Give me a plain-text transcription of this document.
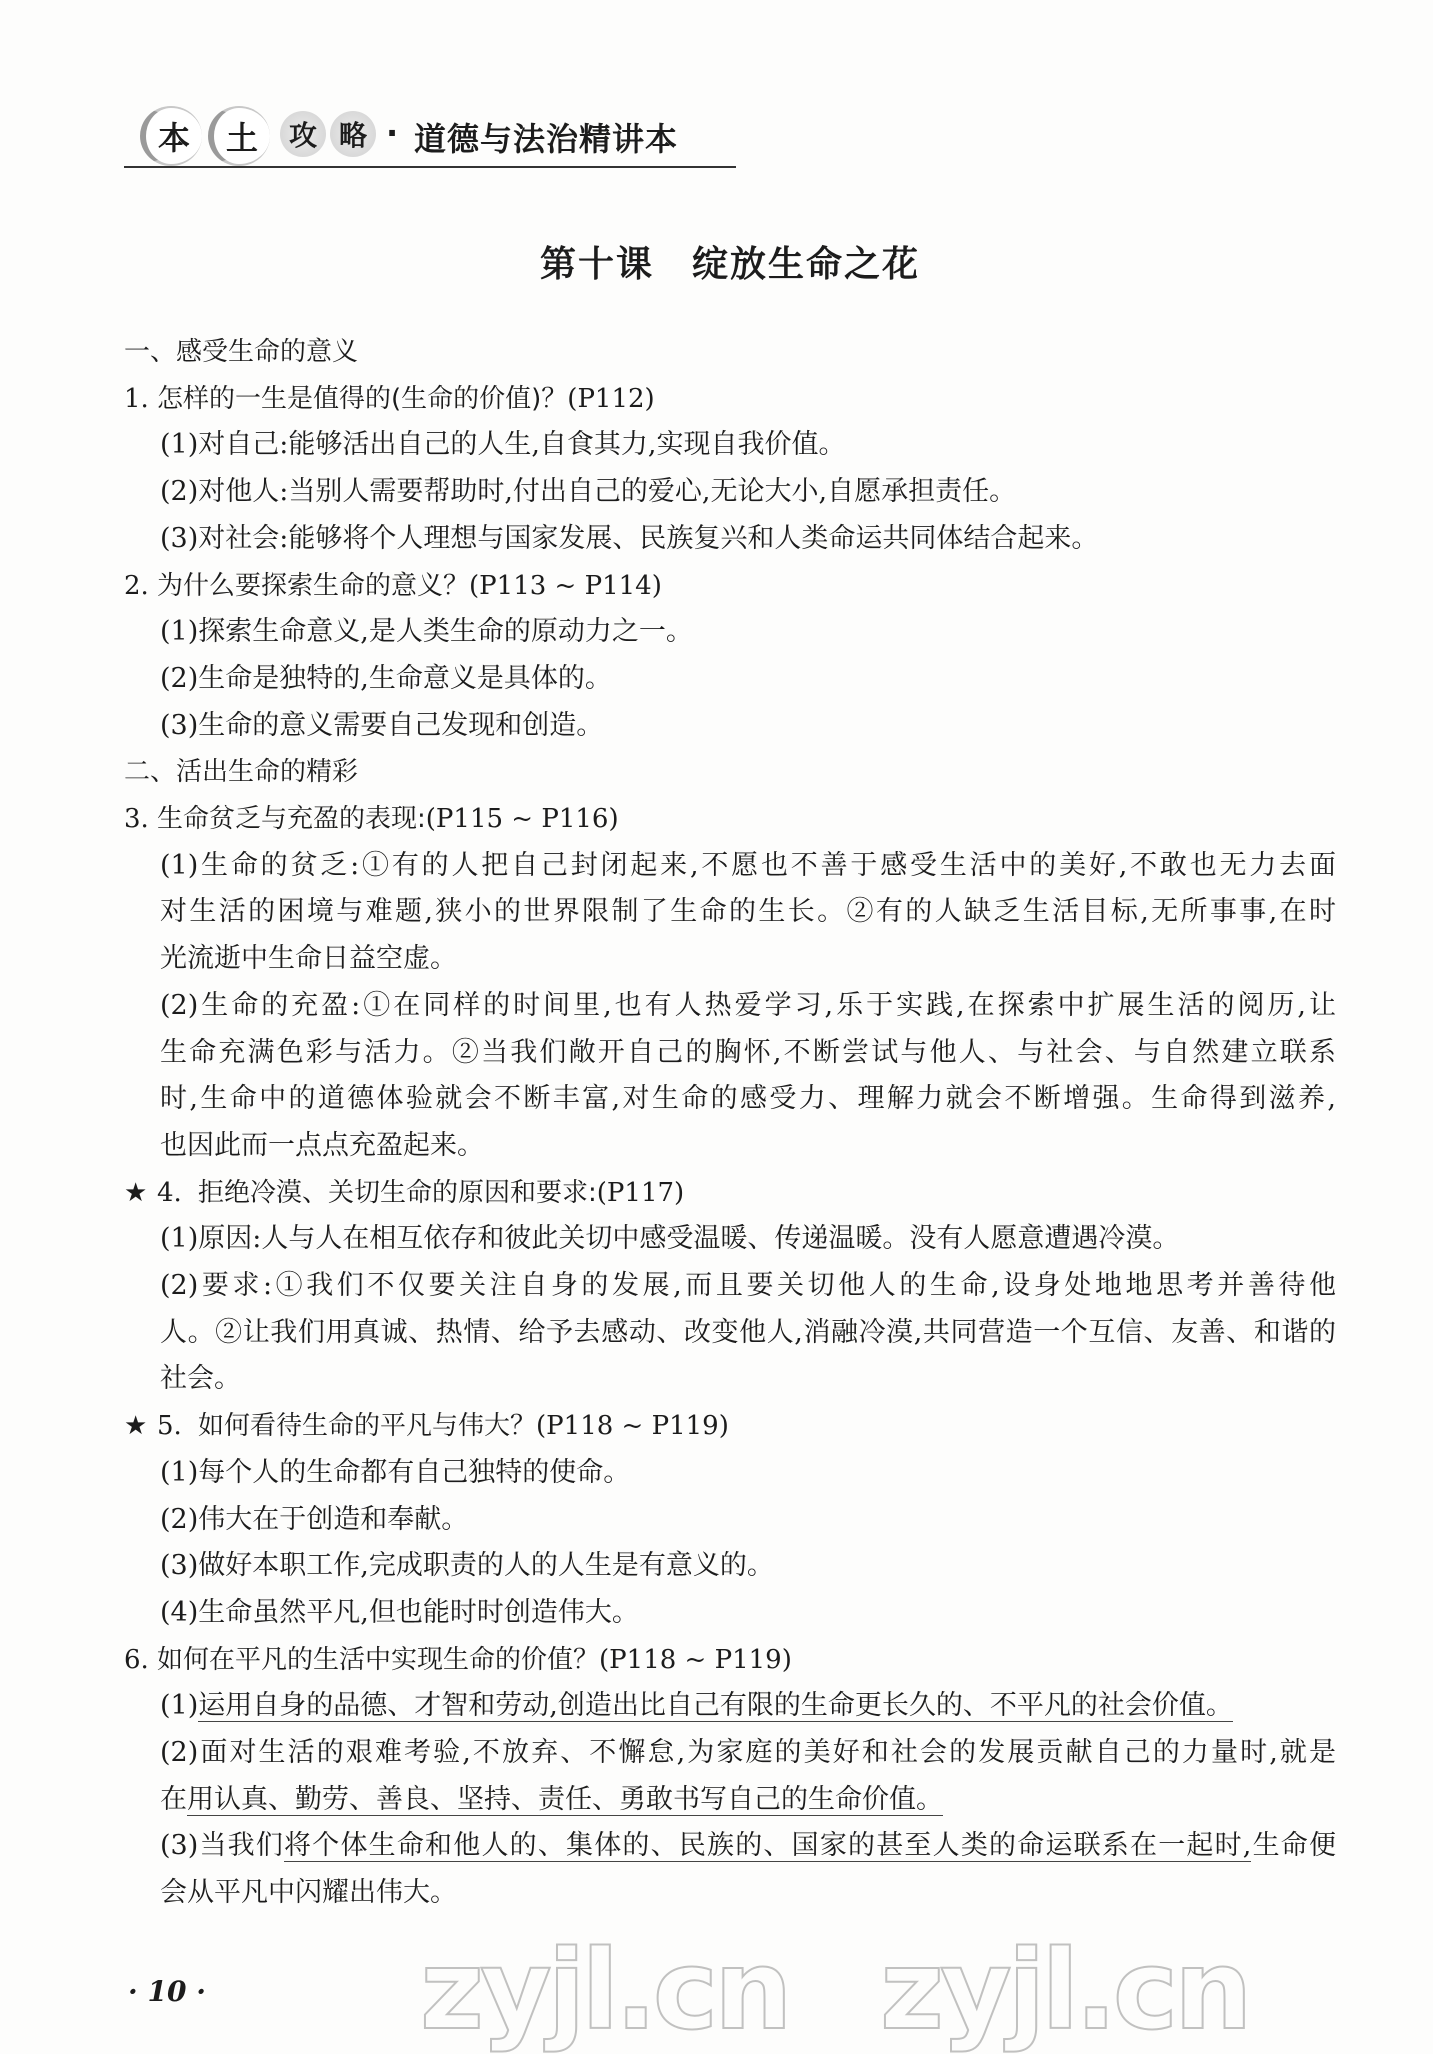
本 土 攻 略 · 道德与法治精讲本
第十课　绽放生命之花
一、感受生命的意义
1. 怎样的一生是值得的(生命的价值)？(P112)
(1)对自己:能够活出自己的人生,自食其力,实现自我价值。
(2)对他人:当别人需要帮助时,付出自己的爱心,无论大小,自愿承担责任。
(3)对社会:能够将个人理想与国家发展、民族复兴和人类命运共同体结合起来。
2. 为什么要探索生命的意义？(P113 ~ P114)
(1)探索生命意义,是人类生命的原动力之一。
(2)生命是独特的,生命意义是具体的。
(3)生命的意义需要自己发现和创造。
二、活出生命的精彩
3. 生命贫乏与充盈的表现:(P115 ~ P116)
(1)生命的贫乏:①有的人把自己封闭起来,不愿也不善于感受生活中的美好,不敢也无力去面
对生活的困境与难题,狭小的世界限制了生命的生长。②有的人缺乏生活目标,无所事事,在时
光流逝中生命日益空虚。
(2)生命的充盈:①在同样的时间里,也有人热爱学习,乐于实践,在探索中扩展生活的阅历,让
生命充满色彩与活力。②当我们敞开自己的胸怀,不断尝试与他人、与社会、与自然建立联系
时,生命中的道德体验就会不断丰富,对生命的感受力、理解力就会不断增强。生命得到滋养,
也因此而一点点充盈起来。
★ 4. 拒绝冷漠、关切生命的原因和要求:(P117)
(1)原因:人与人在相互依存和彼此关切中感受温暖、传递温暖。没有人愿意遭遇冷漠。
(2)要求:①我们不仅要关注自身的发展,而且要关切他人的生命,设身处地地思考并善待他
人。②让我们用真诚、热情、给予去感动、改变他人,消融冷漠,共同营造一个互信、友善、和谐的
社会。
★ 5. 如何看待生命的平凡与伟大？(P118 ~ P119)
(1)每个人的生命都有自己独特的使命。
(2)伟大在于创造和奉献。
(3)做好本职工作,完成职责的人的人生是有意义的。
(4)生命虽然平凡,但也能时时创造伟大。
6. 如何在平凡的生活中实现生命的价值？(P118 ~ P119)
(1)运用自身的品德、才智和劳动,创造出比自己有限的生命更长久的、不平凡的社会价值。
(2)面对生活的艰难考验,不放弃、不懈怠,为家庭的美好和社会的发展贡献自己的力量时,就是
在用认真、勤劳、善良、坚持、责任、勇敢书写自己的生命价值。
(3)当我们将个体生命和他人的、集体的、民族的、国家的甚至人类的命运联系在一起时,生命便
会从平凡中闪耀出伟大。
zyjl.cn zyjl.cn
· 10 ·
